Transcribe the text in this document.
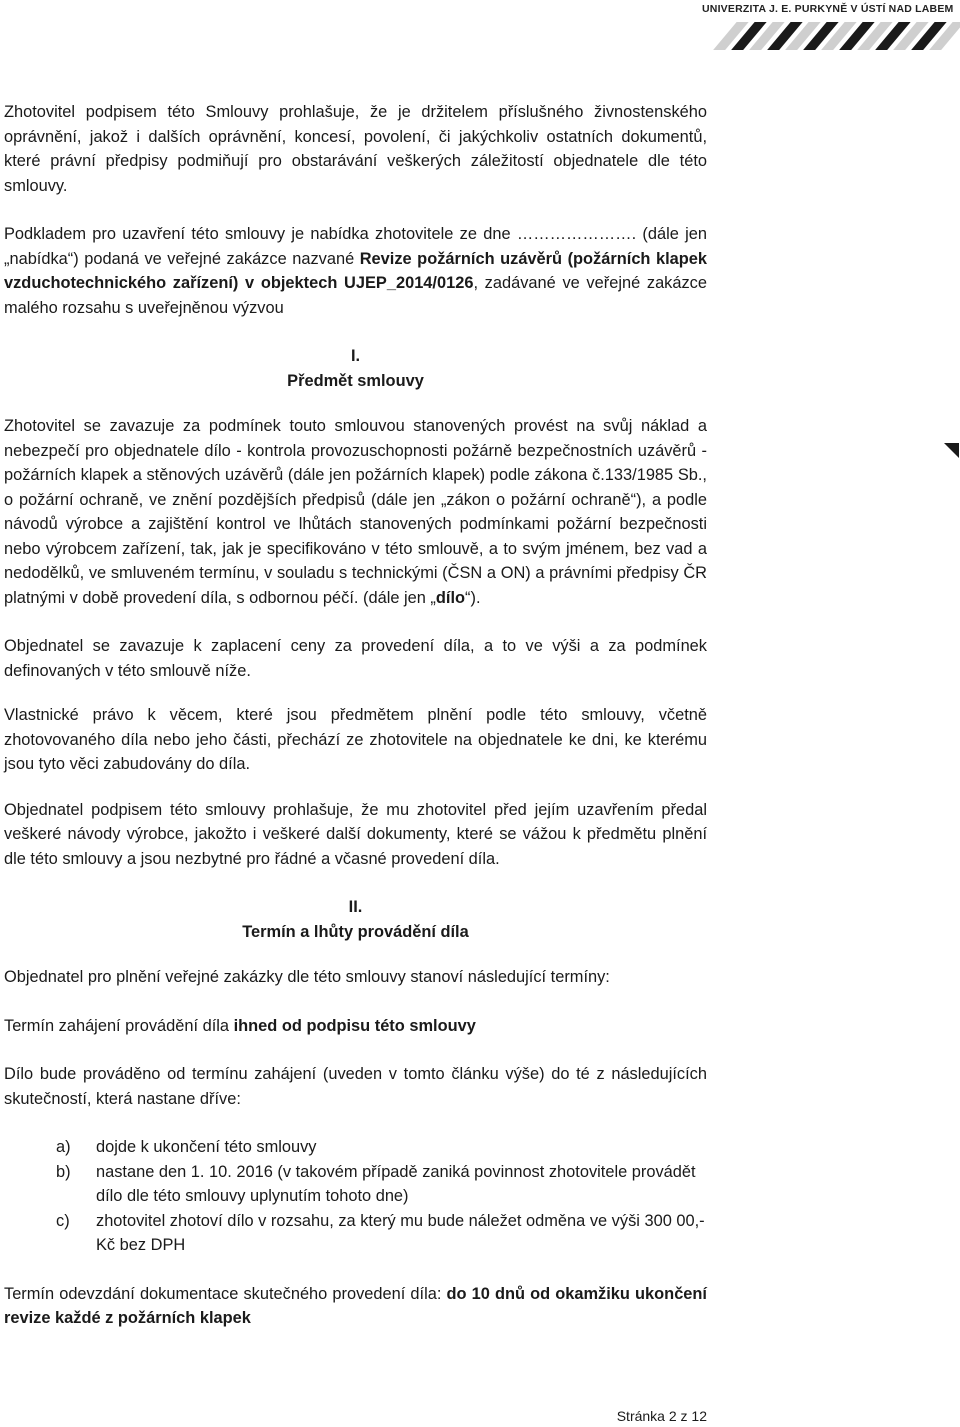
UNIVERZITA J. E. PURKYNĚ V ÚSTÍ NAD LABEM

Zhotovitel podpisem této Smlouvy prohlašuje, že je držitelem příslušného živnostenského oprávnění, jakož i dalších oprávnění, koncesí, povolení, či jakýchkoliv ostatních dokumentů, které právní předpisy podmiňují pro obstarávání veškerých záležitostí objednatele dle této smlouvy.

Podkladem pro uzavření této smlouvy je nabídka zhotovitele ze dne …………………. (dále jen „nabídka“) podaná ve veřejné zakázce nazvané Revize požárních uzávěrů (požárních klapek vzduchotechnického zařízení) v objektech UJEP_2014/0126, zadávané ve veřejné zakázce malého rozsahu s uveřejněnou výzvou

I.

Předmět smlouvy

Zhotovitel se zavazuje za podmínek touto smlouvou stanovených provést na svůj náklad a nebezpečí pro objednatele dílo - kontrola provozuschopnosti požárně bezpečnostních uzávěrů - požárních klapek a stěnových uzávěrů (dále jen požárních klapek) podle zákona č.133/1985 Sb., o požární ochraně, ve znění pozdějších předpisů (dále jen „zákon o požární ochraně“), a podle návodů výrobce a zajištění kontrol ve lhůtách stanovených podmínkami požární bezpečnosti nebo výrobcem zařízení, tak, jak je specifikováno v této smlouvě, a to svým jménem, bez vad a nedodělků, ve smluveném termínu, v souladu s technickými (ČSN a ON) a právními předpisy ČR platnými v době provedení díla, s odbornou péčí. (dále jen „dílo“).

Objednatel se zavazuje k zaplacení ceny za provedení díla, a to ve výši a za podmínek definovaných v této smlouvě níže.

Vlastnické právo k věcem, které jsou předmětem plnění podle této smlouvy, včetně zhotovovaného díla nebo jeho části, přechází ze zhotovitele na objednatele ke dni, ke kterému jsou tyto věci zabudovány do díla.

Objednatel podpisem této smlouvy prohlašuje, že mu zhotovitel před jejím uzavřením předal veškeré návody výrobce, jakožto i veškeré další dokumenty, které se vážou k předmětu plnění dle této smlouvy a jsou nezbytné pro řádné a včasné provedení díla.

II.

Termín a lhůty provádění díla

Objednatel pro plnění veřejné zakázky dle této smlouvy stanoví následující termíny:

Termín zahájení provádění díla ihned od podpisu této smlouvy

Dílo bude prováděno od termínu zahájení (uveden v tomto článku výše) do té z následujících skutečností, která nastane dříve:

a) dojde k ukončení této smlouvy
b) nastane den 1. 10. 2016 (v takovém případě zaniká povinnost zhotovitele provádět dílo dle této smlouvy uplynutím tohoto dne)
c) zhotovitel zhotoví dílo v rozsahu, za který mu bude náležet odměna ve výši 300 00,- Kč bez DPH

Termín odevzdání dokumentace skutečného provedení díla: do 10 dnů od okamžiku ukončení revize každé z požárních klapek

Stránka 2 z 12
